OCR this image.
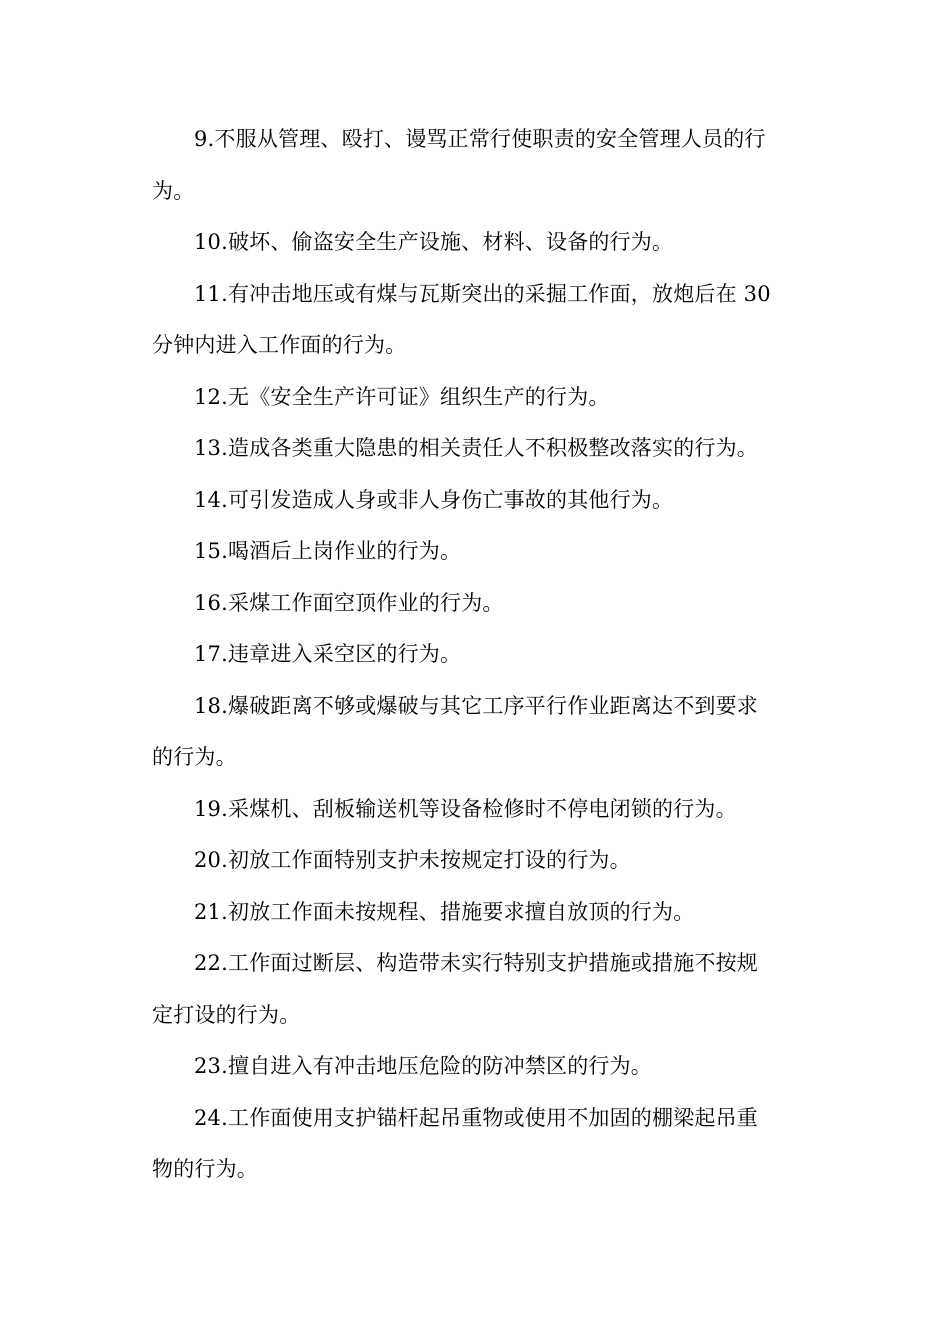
9.不服从管理、殴打、谩骂正常行使职责的安全管理人员的行
为。

10.破坏、偷盗安全生产设施、材料、设备的行为。

11.有冲击地压或有煤与瓦斯突出的采掘工作面，放炮后在 30
分钟内进入工作面的行为。

12.无《安全生产许可证》组织生产的行为。

13.造成各类重大隐患的相关责任人不积极整改落实的行为。

14.可引发造成人身或非人身伤亡事故的其他行为。

15.喝酒后上岗作业的行为。

16.采煤工作面空顶作业的行为。

17.违章进入采空区的行为。

18.爆破距离不够或爆破与其它工序平行作业距离达不到要求
的行为。

19.采煤机、刮板输送机等设备检修时不停电闭锁的行为。

20.初放工作面特别支护未按规定打设的行为。

21.初放工作面未按规程、措施要求擅自放顶的行为。

22.工作面过断层、构造带未实行特别支护措施或措施不按规
定打设的行为。

23.擅自进入有冲击地压危险的防冲禁区的行为。

24.工作面使用支护锚杆起吊重物或使用不加固的棚梁起吊重
物的行为。
